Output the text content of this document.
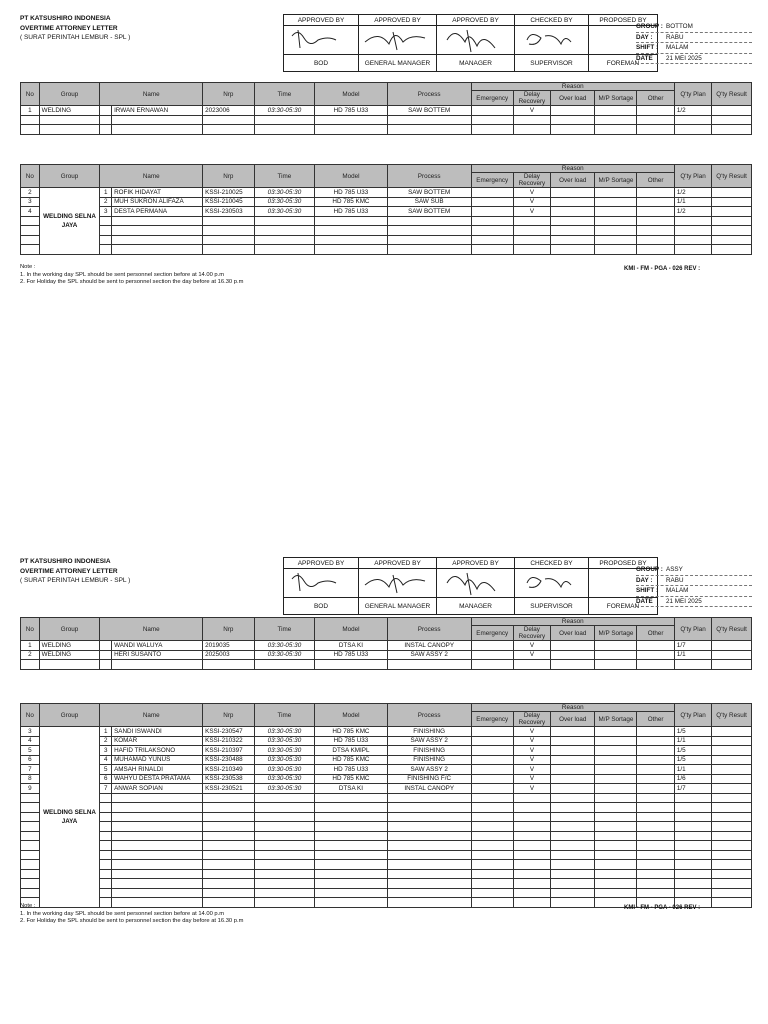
PT KATSUSHIRO INDONESIA
OVERTIME ATTORNEY LETTER
( SURAT PERINTAH LEMBUR - SPL )
APPROVED BY	APPROVED BY	APPROVED BY	CHECKED BY	PROPOSED BY

BOD	GENERAL MANAGER	MANAGER	SUPERVISOR	FOREMAN
GROUP : BOTTOM
DAY :	RABU
SHIFT :	MALAM
DATE	21 MEI 2025
No	Group	Name		Nrp	Time	Model	Process	Reason					Q'ty Plan	Q'ty Result
								Emergency	Delay Recovery	Over load	M/P Sortage	Other		
1	WELDING		IRWAN ERNAWAN	2023006	03:30-05:30	HD 785 U33	SAW BOTTEM		V				1/2	

No	Group	Name		Nrp	Time	Model	Process	Reason					Q'ty Plan	Q'ty Result
								Emergency	Delay Recovery	Over load	M/P Sortage	Other		
2	WELDING SELNA JAYA	1	ROFIK HIDAYAT	KSSI-210025	03:30-05:30	HD 785 U33	SAW BOTTEM		V				1/2	
3		2	MUH SUKRON ALIFAZA	KSSI-210045	03:30-05:30	HD 785 KMC	SAW SUB		V				1/1	
4		3	DESTA PERMANA	KSSI-230503	03:30-05:30	HD 785 U33	SAW BOTTEM		V				1/2	

Note :
1. In the working day SPL should be sent personnel section before at 14.00 p.m
2. For Holiday the SPL should be sent to personnel section the day before at 16.30 p.m
KMI - FM - PGA - 026 REV :
PT KATSUSHIRO INDONESIA
OVERTIME ATTORNEY LETTER
( SURAT PERINTAH LEMBUR - SPL )
APPROVED BY	APPROVED BY	APPROVED BY	CHECKED BY	PROPOSED BY

BOD	GENERAL MANAGER	MANAGER	SUPERVISOR	FOREMAN
GROUP : ASSY
DAY :	RABU
SHIFT :	MALAM
DATE	21 MEI 2025
No	Group	Name		Nrp	Time	Model	Process	Reason					Q'ty Plan	Q'ty Result
								Emergency	Delay Recovery	Over load	M/P Sortage	Other		
1	WELDING		WANDI WALUYA	2019035	03:30-05:30	DTSA KI	INSTAL CANOPY		V				1/7	
2	WELDING		HERI SUSANTO	2025003	03:30-05:30	HD 785 U33	SAW ASSY 2		V				1/1	

No	Group	Name		Nrp	Time	Model	Process	Reason					Q'ty Plan	Q'ty Result
								Emergency	Delay Recovery	Over load	M/P Sortage	Other		
3	WELDING SELNA JAYA	1	SANDI ISWANDI	KSSI-230547	03:30-05:30	HD 785 KMC	FINISHING		V				1/5	
4		2	KOMAR	KSSI-210322	03:30-05:30	HD 785 U33	SAW ASSY 2		V				1/1	
5		3	HAFID TRILAKSONO	KSSI-210397	03:30-05:30	DTSA KMIPL	FINISHING		V				1/5	
6		4	MUHAMAD YUNUS	KSSI-230488	03:30-05:30	HD 785 KMC	FINISHING		V				1/5	
7		5	AMSAH RINALDI	KSSI-210349	03:30-05:30	HD 785 U33	SAW ASSY 2		V				1/1	
8		6	WAHYU DESTA PRATAMA	KSSI-230538	03:30-05:30	HD 785 KMC	FINISHING F/C		V				1/6	
9		7	ANWAR SOPIAN	KSSI-230521	03:30-05:30	DTSA KI	INSTAL CANOPY		V				1/7	

Note :
1. In the working day SPL should be sent personnel section before at 14.00 p.m
2. For Holiday the SPL should be sent to personnel section the day before at 16.30 p.m
KMI - FM - PGA - 026 REV :
